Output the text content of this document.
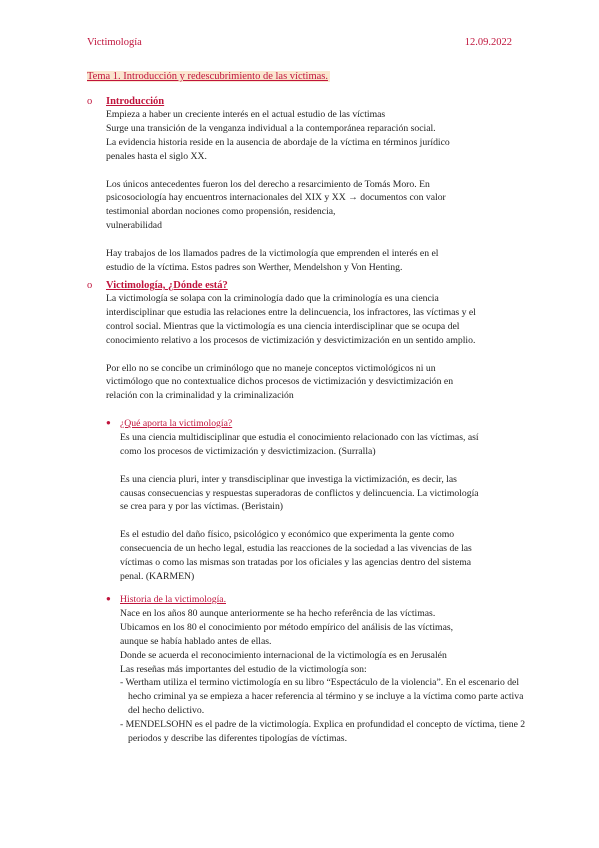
Victimología	12.09.2022
Tema 1. Introducción y redescubrimiento de las víctimas.
o Introducción

Empieza a haber un creciente interés en el actual estudio de las víctimas

Surge una transición de la venganza individual a la contemporánea reparación social.

La evidencia historia reside en la ausencia de abordaje de la víctima en términos jurídico

penales hasta el siglo XX.

Los únicos antecedentes fueron los del derecho a resarcimiento de Tomás Moro. En

psicosociología hay encuentros internacionales del XIX y XX → documentos con valor

testimonial abordan nociones como propensión, residencia,

vulnerabilidad

Hay trabajos de los llamados padres de la victimología que emprenden el interés en el

estudio de la víctima. Estos padres son Werther, Mendelshon y Von Henting.

o Victimología, ¿Dónde está?

La victimología se solapa con la criminología dado que la criminología es una ciencia

interdisciplinar que estudia las relaciones entre la delincuencia, los infractores, las víctimas y el

control social. Mientras que la victimología es una ciencia interdisciplinar que se ocupa del

conocimiento relativo a los procesos de victimización y desvictimización en un sentido amplio.

Por ello no se concibe un criminólogo que no maneje conceptos victimológicos ni un

victimólogo que no contextualice dichos procesos de victimización y desvictimización en

relación con la criminalidad y la criminalización

● ¿Qué aporta la victimología?

Es una ciencia multidisciplinar que estudia el conocimiento relacionado con las víctimas, así

como los procesos de victimización y desvictimizacion. (Surralla)

Es una ciencia pluri, inter y transdisciplinar que investiga la victimización, es decir, las

causas consecuencias y respuestas superadoras de conflictos y delincuencia. La victimología

se crea para y por las víctimas. (Beristain)

Es el estudio del daño físico, psicológico y económico que experimenta la gente como

consecuencia de un hecho legal, estudia las reacciones de la sociedad a las vivencias de las

víctimas o como las mismas son tratadas por los oficiales y las agencias dentro del sistema

penal. (KARMEN)

● Historia de la victimología.

Nace en los años 80 aunque anteriormente se ha hecho referência de las víctimas.

Ubicamos en los 80 el conocimiento por método empírico del análisis de las víctimas,

aunque se había hablado antes de ellas.

Donde se acuerda el reconocimiento internacional de la victimología es en Jerusalén

Las reseñas más importantes del estudio de la victimología son:

- Wertham utiliza el termino victimología en su libro “Espectáculo de la violencia”. En el escenario del hecho criminal ya se empieza a hacer referencia al término y se incluye a la víctima como parte activa del hecho delictivo.

- MENDELSOHN es el padre de la victimología. Explica en profundidad el concepto de víctima, tiene 2 periodos y describe las diferentes tipologías de víctimas.
